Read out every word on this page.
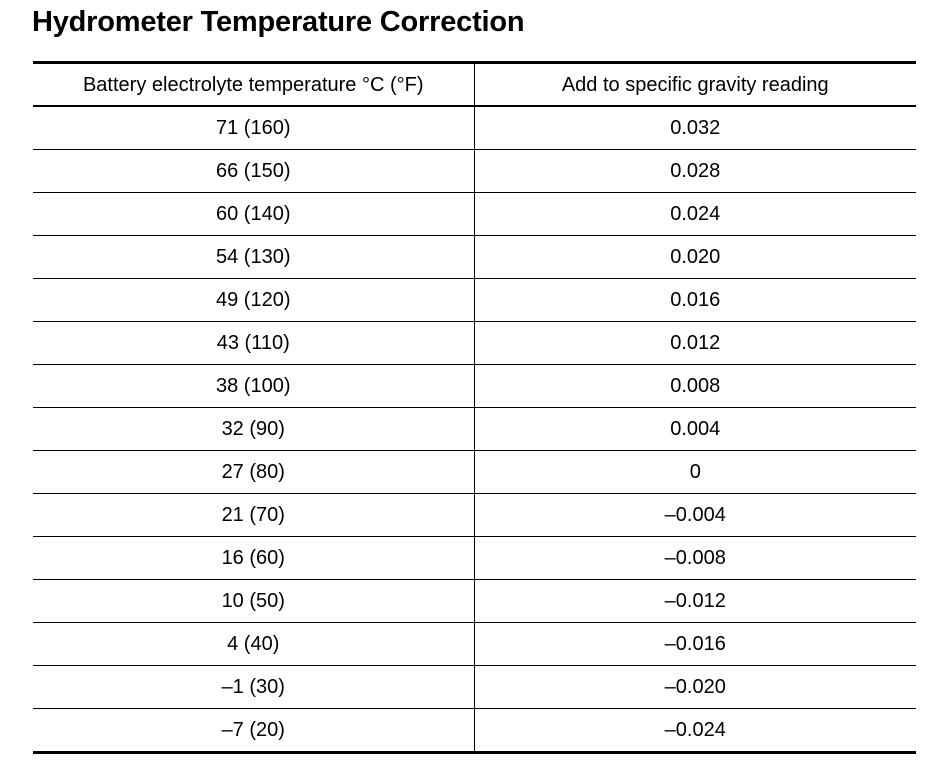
Hydrometer Temperature Correction
Battery electrolyte temperature °C (°F)	Add to specific gravity reading
71 (160)	0.032
66 (150)	0.028
60 (140)	0.024
54 (130)	0.020
49 (120)	0.016
43 (110)	0.012
38 (100)	0.008
32 (90)	0.004
27 (80)	0
21 (70)	–0.004
16 (60)	–0.008
10 (50)	–0.012
4 (40)	–0.016
–1 (30)	–0.020
–7 (20)	–0.024
